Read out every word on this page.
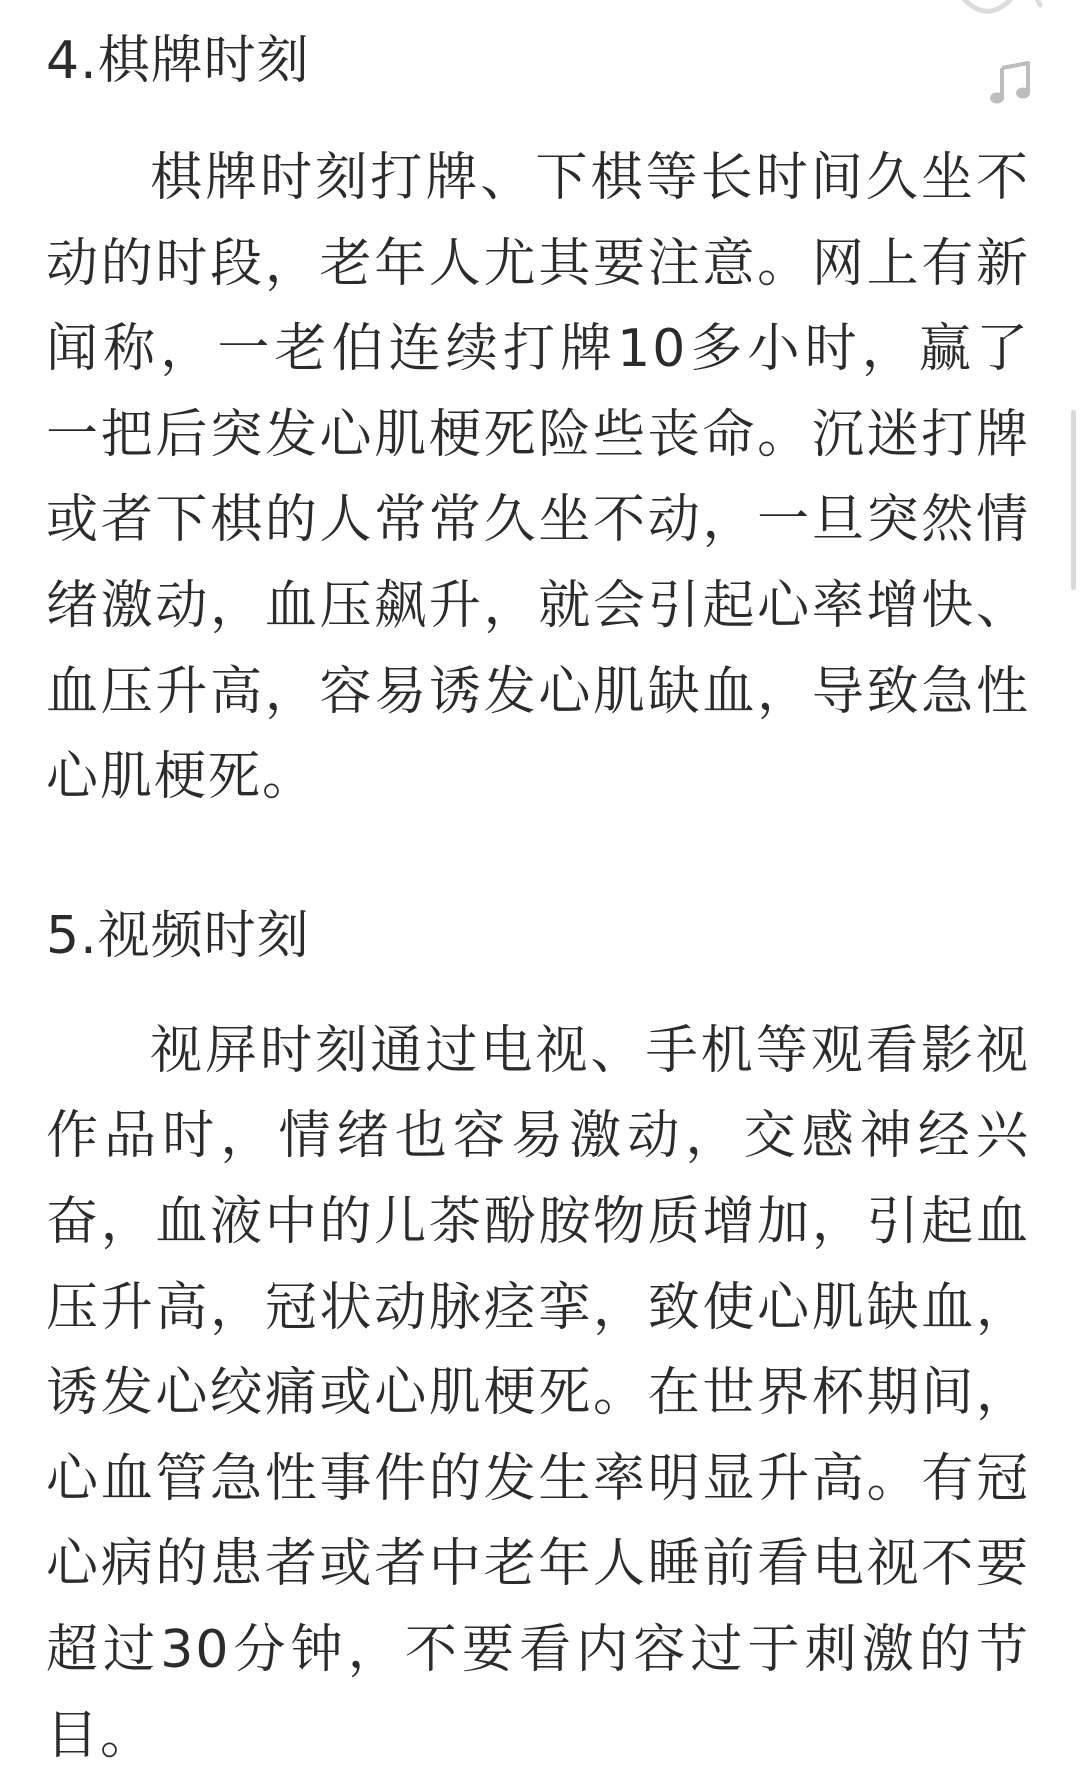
4.棋牌时刻

棋牌时刻打牌、下棋等长时间久坐不动的时段，老年人尤其要注意。网上有新闻称，一老伯连续打牌10多小时，赢了一把后突发心肌梗死险些丧命。沉迷打牌或者下棋的人常常久坐不动，一旦突然情绪激动，血压飙升，就会引起心率增快、血压升高，容易诱发心肌缺血，导致急性心肌梗死。

5.视频时刻

视屏时刻通过电视、手机等观看影视作品时，情绪也容易激动，交感神经兴奋，血液中的儿茶酚胺物质增加，引起血压升高，冠状动脉痉挛，致使心肌缺血，诱发心绞痛或心肌梗死。在世界杯期间，心血管急性事件的发生率明显升高。有冠心病的患者或者中老年人睡前看电视不要超过30分钟，不要看内容过于刺激的节目。
